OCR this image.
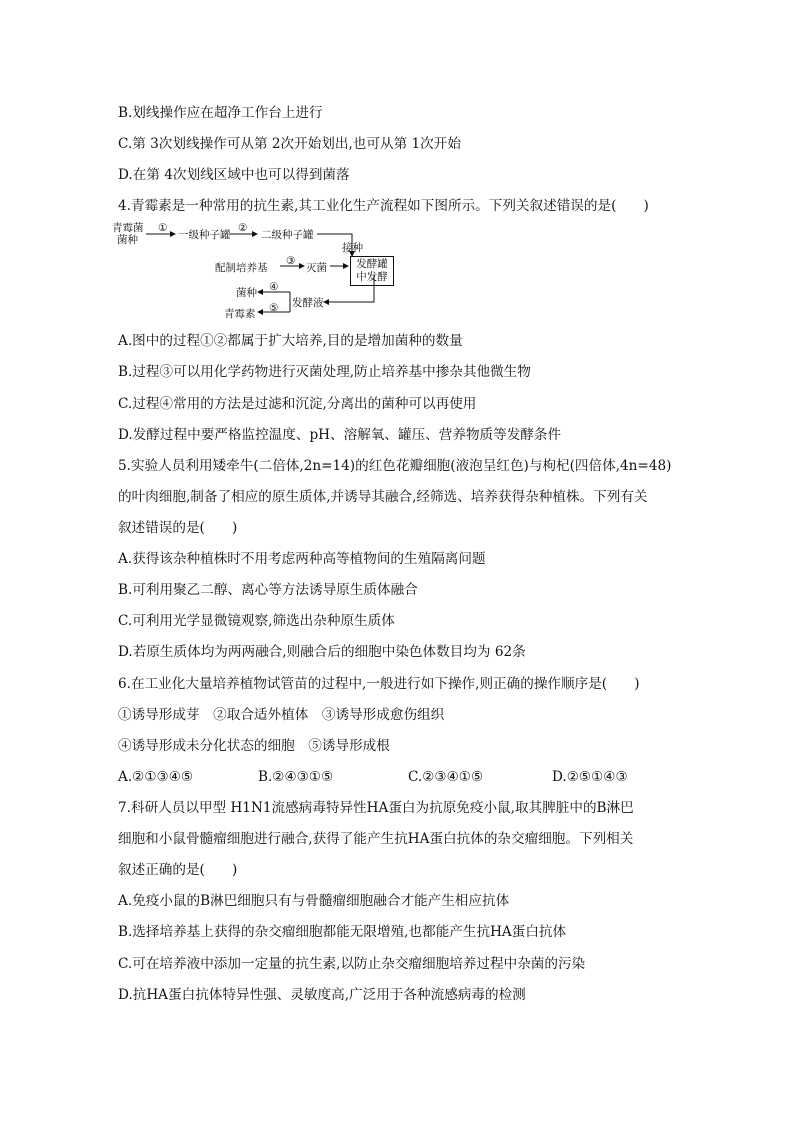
B.划线操作应在超净工作台上进行
C.第 3次划线操作可从第 2次开始划出,也可从第 1次开始
D.在第 4次划线区域中也可以得到菌落
4.青霉素是一种常用的抗生素,其工业化生产流程如下图所示。下列关叙述错误的是(　　)
青霉菌
菌种
①
一级种子罐
②
二级种子罐
接种
配制培养基
③
灭菌	发酵罐
中发酵
④
菌种
发酵液
⑤
青霉素
A.图中的过程①②都属于扩大培养,目的是增加菌种的数量
B.过程③可以用化学药物进行灭菌处理,防止培养基中掺杂其他微生物
C.过程④常用的方法是过滤和沉淀,分离出的菌种可以再使用
D.发酵过程中要严格监控温度、pH、溶解氧、罐压、营养物质等发酵条件
5.实验人员利用矮牵牛(二倍体,2n=14)的红色花瓣细胞(液泡呈红色)与枸杞(四倍体,4n=48)
的叶肉细胞,制备了相应的原生质体,并诱导其融合,经筛选、培养获得杂种植株。下列有关
叙述错误的是(　　)
A.获得该杂种植株时不用考虑两种高等植物间的生殖隔离问题
B.可利用聚乙二醇、离心等方法诱导原生质体融合
C.可利用光学显微镜观察,筛选出杂种原生质体
D.若原生质体均为两两融合,则融合后的细胞中染色体数目均为 62条
6.在工业化大量培养植物试管苗的过程中,一般进行如下操作,则正确的操作顺序是(　　)
①诱导形成芽　②取合适外植体　③诱导形成愈伤组织
④诱导形成未分化状态的细胞　⑤诱导形成根
A.②①③④⑤	B.②④③①⑤	C.②③④①⑤	D.②⑤①④③
7.科研人员以甲型 H1N1流感病毒特异性HA蛋白为抗原免疫小鼠,取其脾脏中的B淋巴
细胞和小鼠骨髓瘤细胞进行融合,获得了能产生抗HA蛋白抗体的杂交瘤细胞。下列相关
叙述正确的是(　　)
A.免疫小鼠的B淋巴细胞只有与骨髓瘤细胞融合才能产生相应抗体
B.选择培养基上获得的杂交瘤细胞都能无限增殖,也都能产生抗HA蛋白抗体
C.可在培养液中添加一定量的抗生素,以防止杂交瘤细胞培养过程中杂菌的污染
D.抗HA蛋白抗体特异性强、灵敏度高,广泛用于各种流感病毒的检测
